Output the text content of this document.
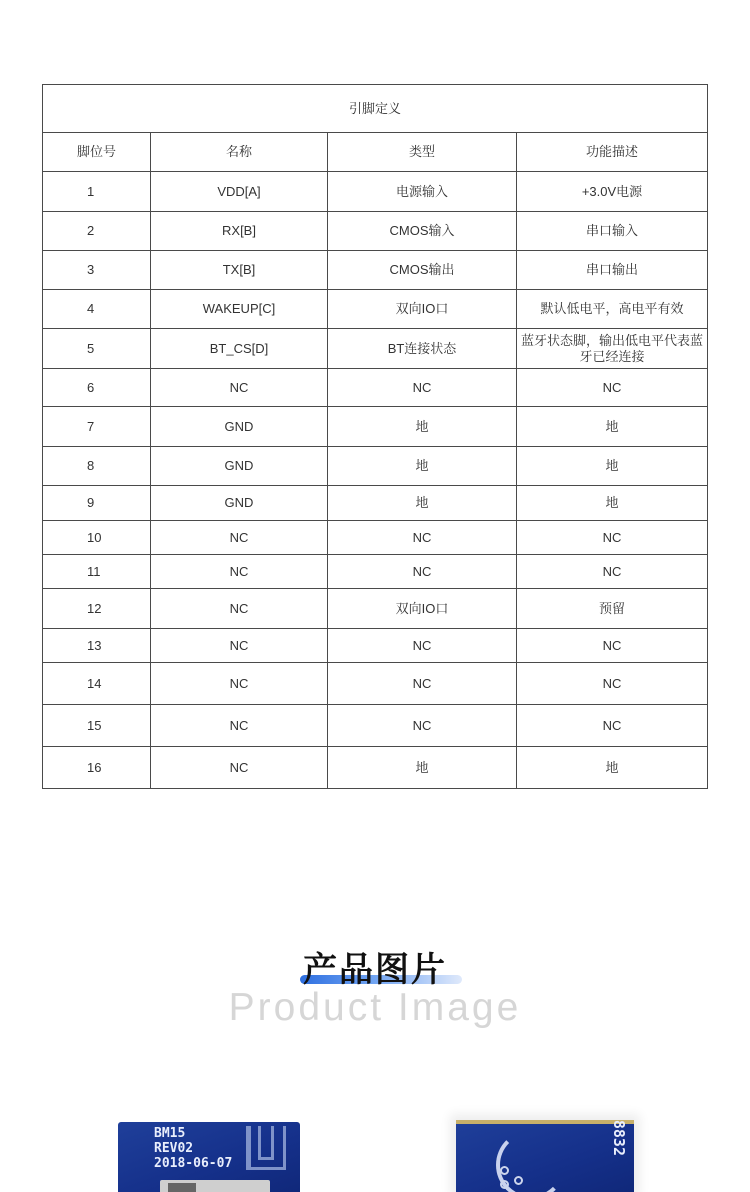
引脚定义			
脚位号	名称	类型	功能描述
1	VDD[A]	电源输入	+3.0V电源
2	RX[B]	CMOS输入	串口输入
3	TX[B]	CMOS输出	串口输出
4	WAKEUP[C]	双向IO口	默认低电平，高电平有效
5	BT_CS[D]	BT连接状态	蓝牙状态脚，输出低电平代表蓝牙已经连接
6	NC	NC	NC
7	GND	地	地
8	GND	地	地
9	GND	地	地
10	NC	NC	NC
11	NC	NC	NC
12	NC	双向IO口	预留
13	NC	NC	NC
14	NC	NC	NC
15	NC	NC	NC
16	NC	地	地
产品图片
Product Image
BM15
REV02
2018-06-07
8832
